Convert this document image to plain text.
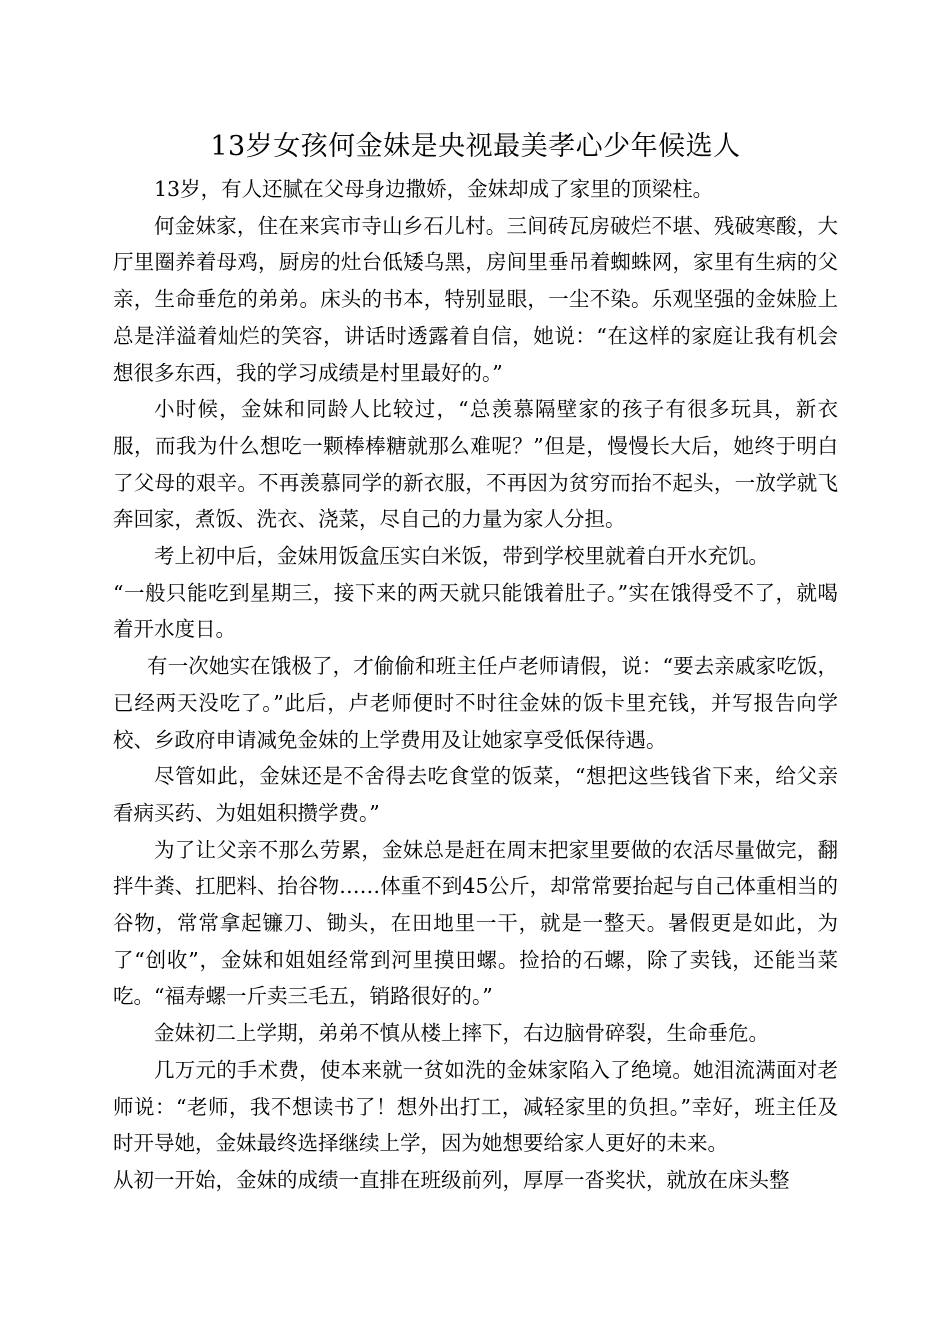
13岁女孩何金妹是央视最美孝心少年候选人

13岁，有人还腻在父母身边撒娇，金妹却成了家里的顶梁柱。

何金妹家，住在来宾市寺山乡石儿村。三间砖瓦房破烂不堪、残破寒酸，大厅里圈养着母鸡，厨房的灶台低矮乌黑，房间里垂吊着蜘蛛网，家里有生病的父亲，生命垂危的弟弟。床头的书本，特别显眼，一尘不染。乐观坚强的金妹脸上总是洋溢着灿烂的笑容，讲话时透露着自信，她说：“在这样的家庭让我有机会想很多东西，我的学习成绩是村里最好的。”

小时候，金妹和同龄人比较过，“总羡慕隔壁家的孩子有很多玩具，新衣服，而我为什么想吃一颗棒棒糖就那么难呢？”但是，慢慢长大后，她终于明白了父母的艰辛。不再羡慕同学的新衣服，不再因为贫穷而抬不起头，一放学就飞奔回家，煮饭、洗衣、浇菜，尽自己的力量为家人分担。

考上初中后，金妹用饭盒压实白米饭，带到学校里就着白开水充饥。

“一般只能吃到星期三，接下来的两天就只能饿着肚子。”实在饿得受不了，就喝着开水度日。

有一次她实在饿极了，才偷偷和班主任卢老师请假，说：“要去亲戚家吃饭，已经两天没吃了。”此后，卢老师便时不时往金妹的饭卡里充钱，并写报告向学校、乡政府申请减免金妹的上学费用及让她家享受低保待遇。

尽管如此，金妹还是不舍得去吃食堂的饭菜，“想把这些钱省下来，给父亲看病买药、为姐姐积攒学费。”

为了让父亲不那么劳累，金妹总是赶在周末把家里要做的农活尽量做完，翻拌牛粪、扛肥料、抬谷物……体重不到45公斤，却常常要抬起与自己体重相当的谷物，常常拿起镰刀、锄头，在田地里一干，就是一整天。暑假更是如此，为了“创收”，金妹和姐姐经常到河里摸田螺。捡拾的石螺，除了卖钱，还能当菜吃。“福寿螺一斤卖三毛五，销路很好的。”

金妹初二上学期，弟弟不慎从楼上摔下，右边脑骨碎裂，生命垂危。

几万元的手术费，使本来就一贫如洗的金妹家陷入了绝境。她泪流满面对老师说：“老师，我不想读书了！想外出打工，减轻家里的负担。”幸好，班主任及时开导她，金妹最终选择继续上学，因为她想要给家人更好的未来。

从初一开始，金妹的成绩一直排在班级前列，厚厚一沓奖状，就放在床头整
